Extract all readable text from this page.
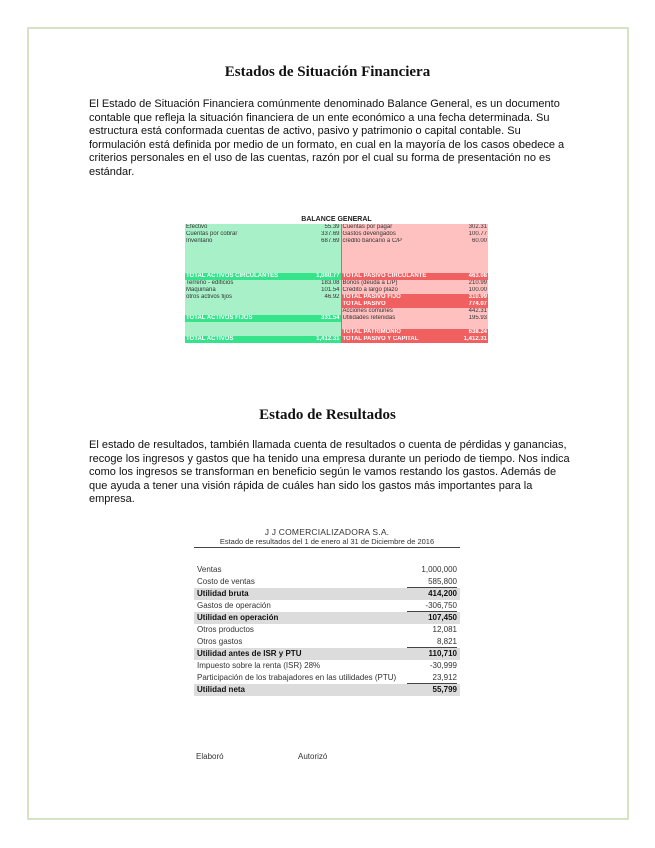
Estados de Situación Financiera

El Estado de Situación Financiera comúnmente denominado Balance General, es un documento contable que refleja la situación financiera de un ente económico a una fecha determinada. Su estructura está conformada cuentas de activo, pasivo y patrimonio o capital contable. Su formulación está definida por medio de un formato, en cual en la mayoría de los casos obedece a criterios personales en el uso de las cuentas, razón por el cual su forma de presentación no es estándar.

BALANCE GENERAL
Efectivo	55.39	Cuentas por pagar	302.31
Cuentas por cobrar	337.69	Gastos devengados	100.77
Inventario	687.69	crédito bancario a C/P	60.00

TOTAL ACTIVOS CIRCULANTES	1,080.77	TOTAL PASIVO CIRCULANTE	463.08
Terreno - edificios	183.08	Bonos (deuda a L/P)	210.99
Maquinaria	101.54	Credito a largo plazo	100.00
otros activos fijos	46.92	TOTAL PASIVO FIJO	310.99
		TOTAL PASIVO	774.07
		Acciones comunes	442.31
TOTAL ACTIVOS FIJOS	331.54	Utilidades retenidas	195.93

		TOTAL PATRIMONIO	638.24
TOTAL ACTIVOS	1,412.31	TOTAL PASIVO Y CAPITAL	1,412.31
Estado de Resultados

El estado de resultados, también llamada cuenta de resultados o cuenta de pérdidas y ganancias, recoge los ingresos y gastos que ha tenido una empresa durante un periodo de tiempo. Nos indica como los ingresos se transforman en beneficio según le vamos restando los gastos. Además de que ayuda a tener una visión rápida de cuáles han sido los gastos más importantes para la empresa.

J J COMERCIALIZADORA S.A.
Estado de resultados del 1 de enero al 31 de Diciembre de 2016
Ventas	1,000,000
Costo de ventas	585,800
Utilidad bruta	414,200
Gastos de operación	-306,750
Utilidad en operación	107,450
Otros productos	12,081
Otros gastos	8,821
Utilidad antes de ISR y PTU	110,710
Impuesto sobre la renta (ISR) 28%	-30,999
Participación de los trabajadores en las utilidades (PTU)	23,912
Utilidad neta	55,799
Elaboró	Autorizó
